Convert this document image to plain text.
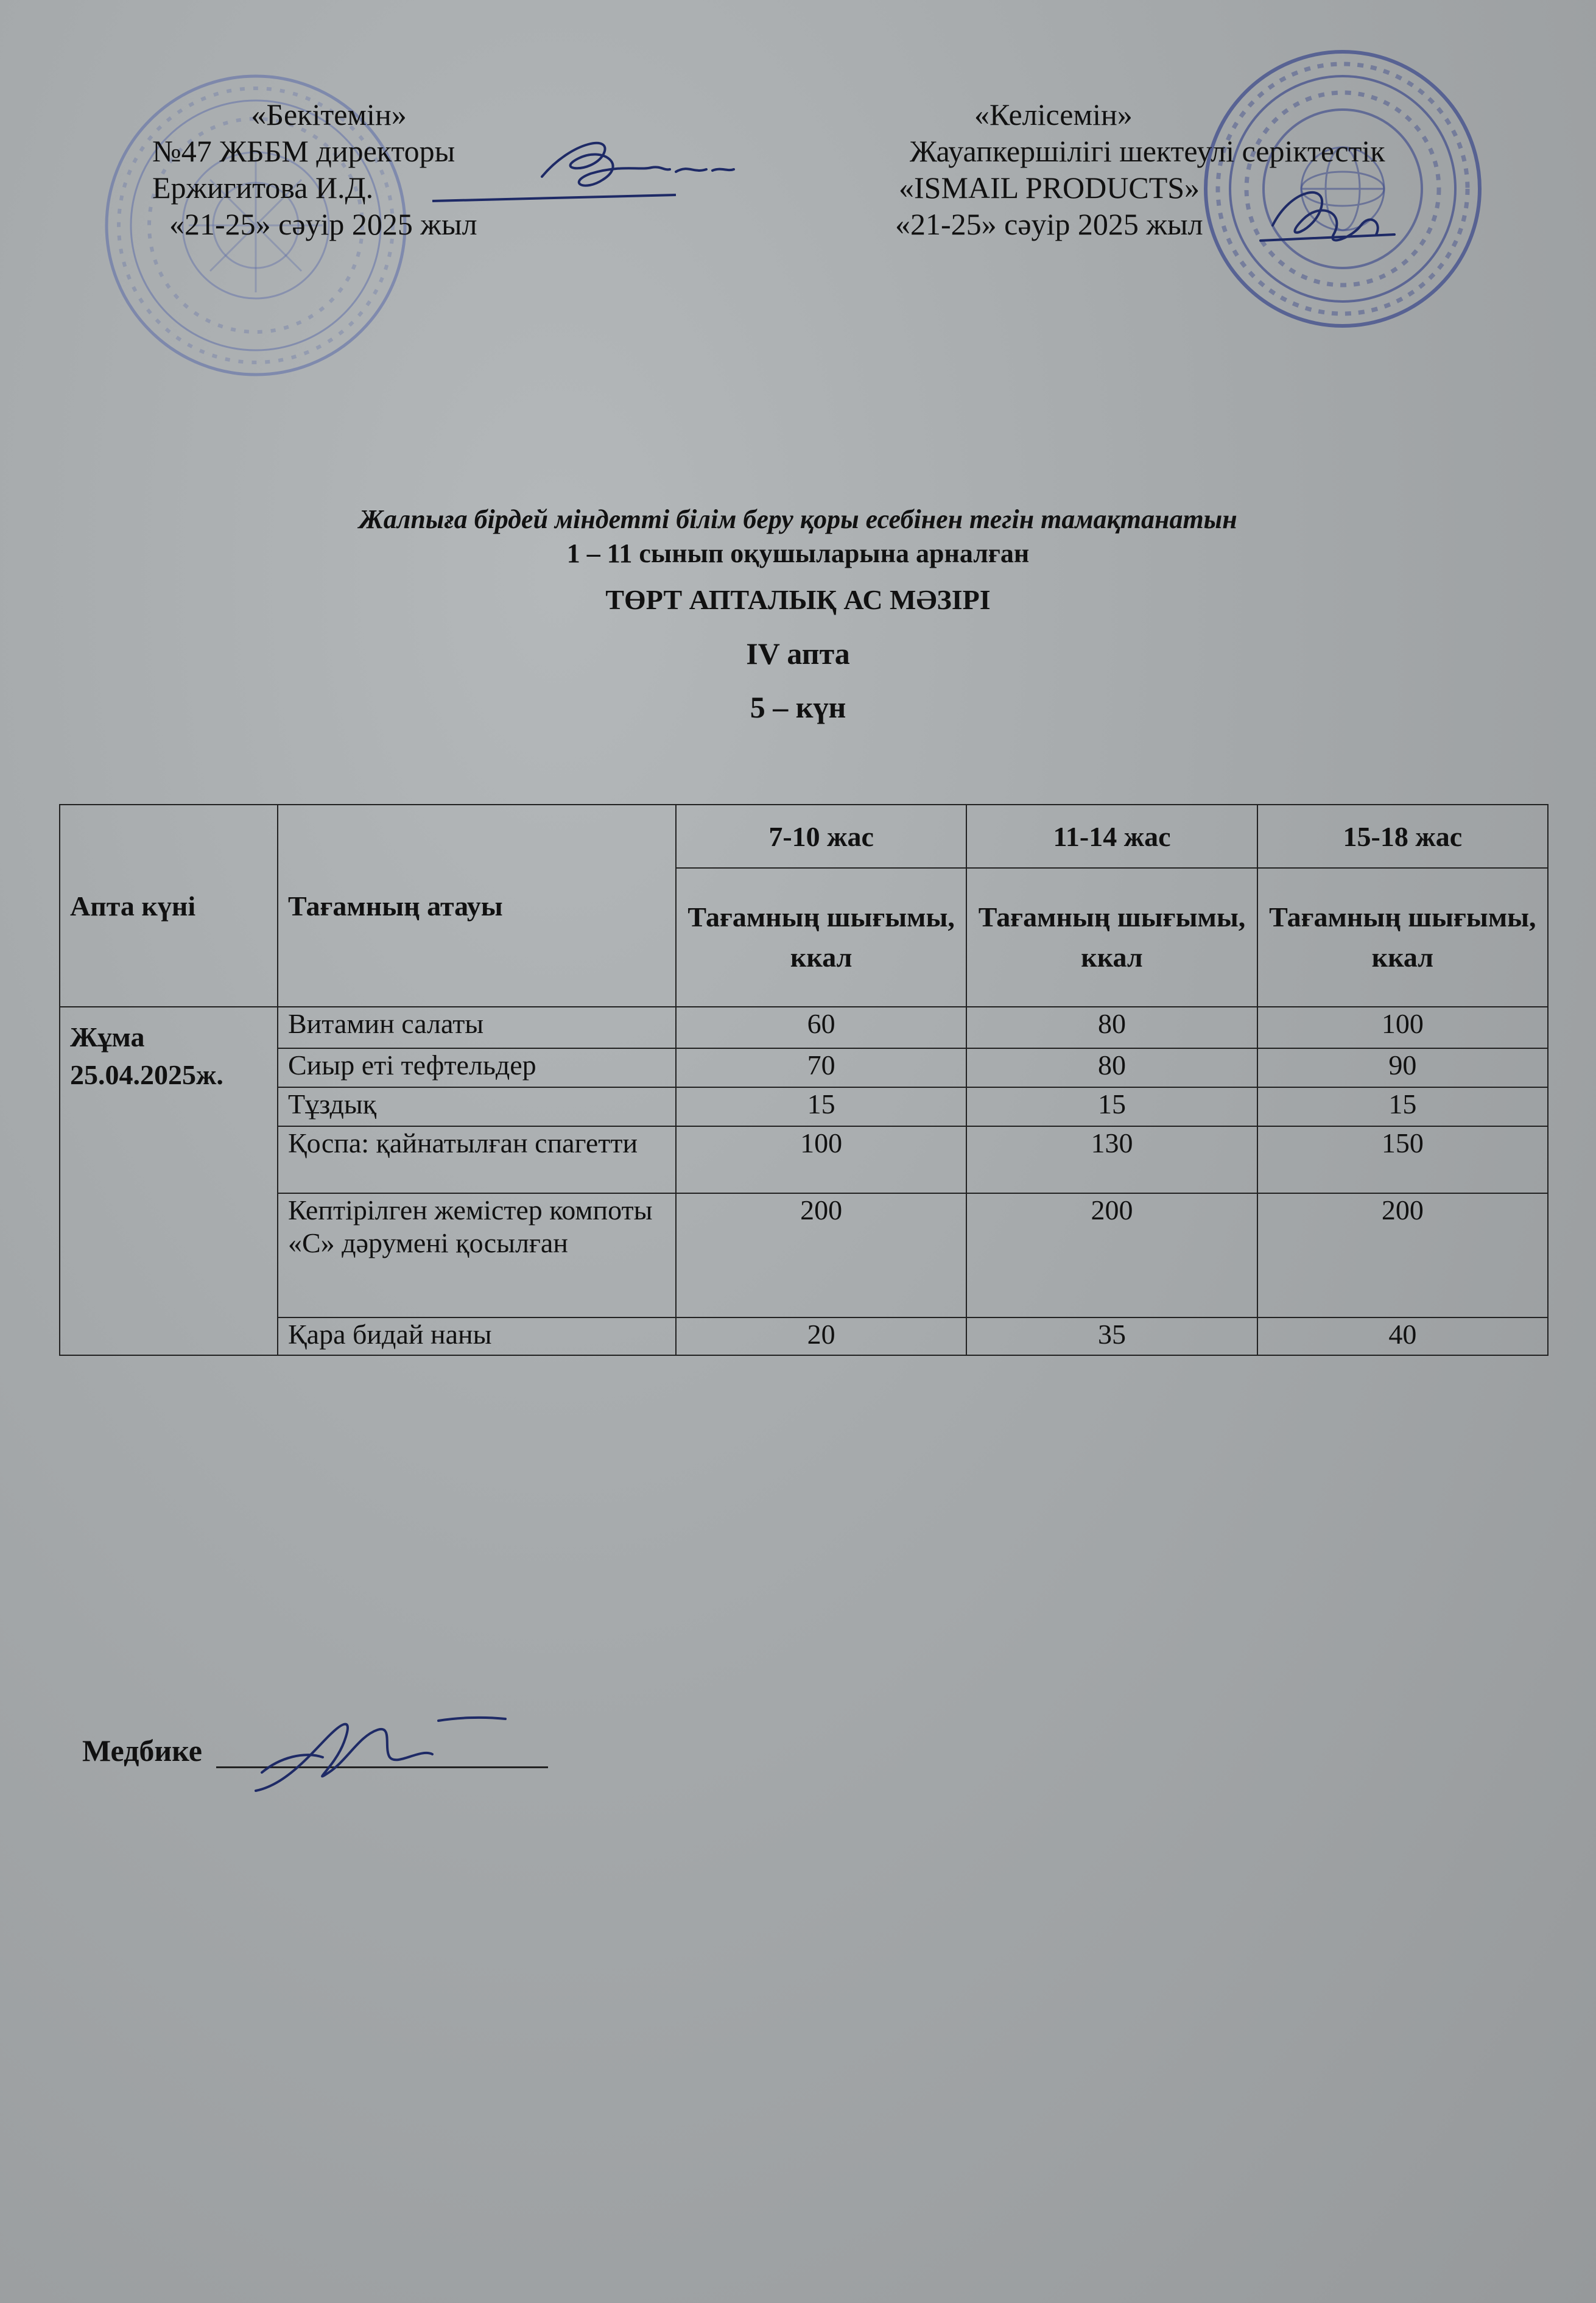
«Бекітемін»
№47 ЖББМ директоры
Ержигитова И.Д.
«21-25» сәуір 2025 жыл
«Келісемін»
Жауапкершілігі шектеулі серіктестік
«ISMAIL PRODUCTS»
«21-25» сәуір 2025 жыл
Жалпыға бірдей міндетті білім беру қоры есебінен тегін тамақтанатын
1 – 11 сынып оқушыларына арналған
ТӨРТ АПТАЛЫҚ АС МӘЗІРІ
IV апта
5 – күн
Апта күні	Тағамның атауы	7-10 жас	11-14 жас	15-18 жас
		Тағамның шығымы, ккал	Тағамның шығымы, ккал	Тағамның шығымы, ккал

Жұма
25.04.2025ж.	Витамин салаты	60	80	100
	Сиыр еті тефтельдер	70	80	90
	Тұздық	15	15	15
	Қоспа: қайнатылған спагетти	100	130	150
	Кептірілген жемістер компоты «С» дәрумені қосылған	200	200	200
	Қара бидай наны	20	35	40
Медбике
